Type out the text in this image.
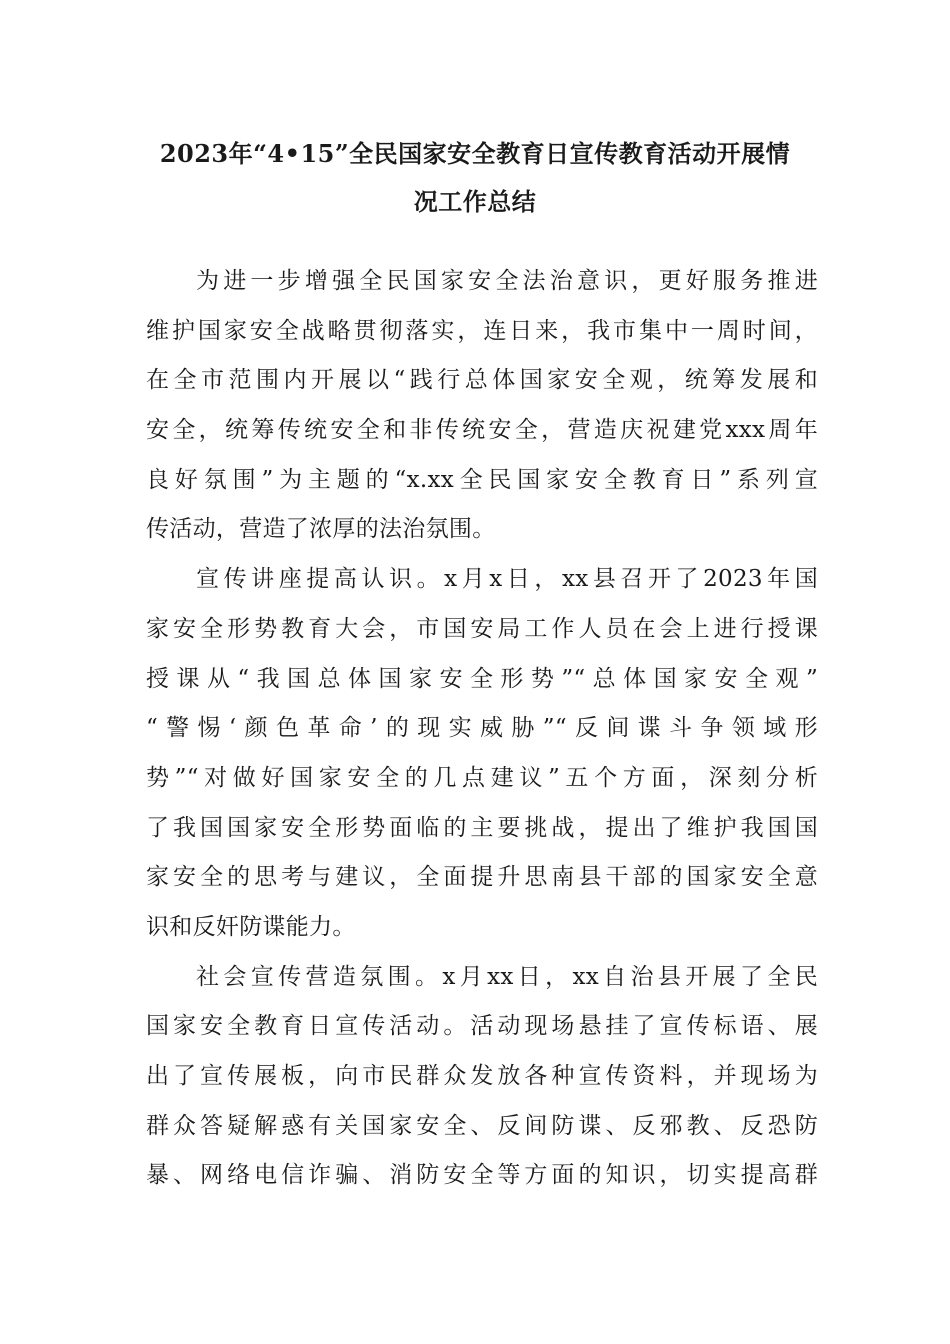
2023年“4•15”全民国家安全教育日宣传教育活动开展情
况工作总结
为进一步增强全民国家安全法治意识，更好服务推进
维护国家安全战略贯彻落实，连日来，我市集中一周时间，
在全市范围内开展以“践行总体国家安全观，统筹发展和
安全，统筹传统安全和非传统安全，营造庆祝建党xxx周年
良好氛围”为主题的“x.xx全民国家安全教育日”系列宣
传活动，营造了浓厚的法治氛围。
宣传讲座提高认识。x月x日，xx县召开了2023年国
家安全形势教育大会，市国安局工作人员在会上进行授课
授课从“我国总体国家安全形势”“总体国家安全观”
“警惕‘颜色革命’的现实威胁”“反间谍斗争领域形
势”“对做好国家安全的几点建议”五个方面，深刻分析
了我国国家安全形势面临的主要挑战，提出了维护我国国
家安全的思考与建议，全面提升思南县干部的国家安全意
识和反奸防谍能力。
社会宣传营造氛围。x月xx日，xx自治县开展了全民
国家安全教育日宣传活动。活动现场悬挂了宣传标语、展
出了宣传展板，向市民群众发放各种宣传资料，并现场为
群众答疑解惑有关国家安全、反间防谍、反邪教、反恐防
暴、网络电信诈骗、消防安全等方面的知识，切实提高群
